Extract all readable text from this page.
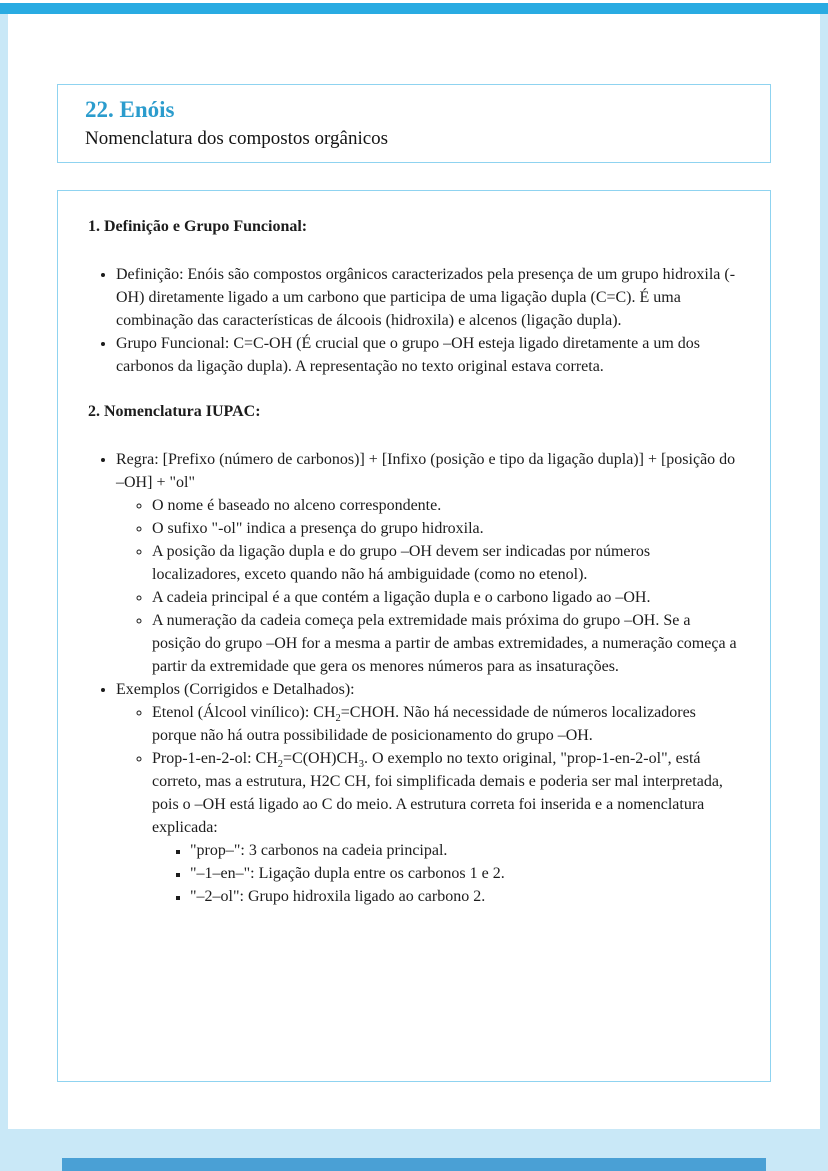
22. Enóis
Nomenclatura dos compostos orgânicos
1. Definição e Grupo Funcional:
• Definição: Enóis são compostos orgânicos caracterizados pela presença de um grupo hidroxila (-OH) diretamente ligado a um carbono que participa de uma ligação dupla (C=C). É uma combinação das características de álcoois (hidroxila) e alcenos (ligação dupla).
• Grupo Funcional: C=C-OH (É crucial que o grupo –OH esteja ligado diretamente a um dos carbonos da ligação dupla). A representação no texto original estava correta.
2. Nomenclatura IUPAC:
• Regra: [Prefixo (número de carbonos)] + [Infixo (posição e tipo da ligação dupla)] + [posição do –OH] + "ol"
◦ O nome é baseado no alceno correspondente.
◦ O sufixo "-ol" indica a presença do grupo hidroxila.
◦ A posição da ligação dupla e do grupo –OH devem ser indicadas por números localizadores, exceto quando não há ambiguidade (como no etenol).
◦ A cadeia principal é a que contém a ligação dupla e o carbono ligado ao –OH.
◦ A numeração da cadeia começa pela extremidade mais próxima do grupo –OH. Se a posição do grupo –OH for a mesma a partir de ambas extremidades, a numeração começa a partir da extremidade que gera os menores números para as insaturações.
• Exemplos (Corrigidos e Detalhados):
◦ Etenol (Álcool vinílico): $CH_2=CHOH$. Não há necessidade de números localizadores porque não há outra possibilidade de posicionamento do grupo –OH.
◦ Prop-1-en-2-ol: $CH_2=C(OH)CH_3$. O exemplo no texto original, "prop-1-en-2-ol", está correto, mas a estrutura, H2C CH, foi simplificada demais e poderia ser mal interpretada, pois o –OH está ligado ao C do meio. A estrutura correta foi inserida e a nomenclatura explicada:
▪ "prop–": 3 carbonos na cadeia principal.
▪ "–1–en–": Ligação dupla entre os carbonos 1 e 2.
▪ "–2–ol": Grupo hidroxila ligado ao carbono 2.
